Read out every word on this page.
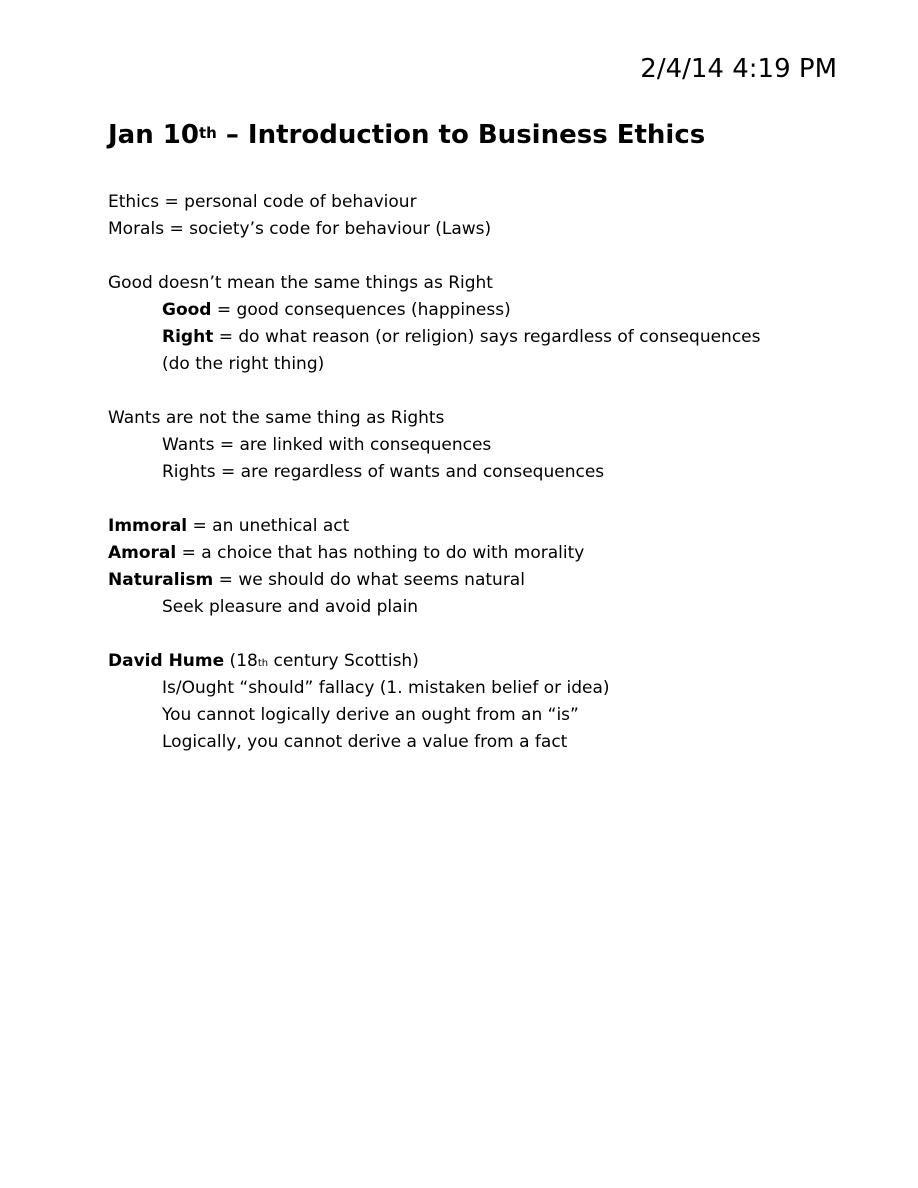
2/4/14 4:19 PM
Jan 10th – Introduction to Business Ethics
Ethics = personal code of behaviour
Morals = society’s code for behaviour (Laws)
Good doesn’t mean the same things as Right
Good = good consequences (happiness)
Right = do what reason (or religion) says regardless of consequences
(do the right thing)
Wants are not the same thing as Rights
Wants = are linked with consequences
Rights = are regardless of wants and consequences
Immoral = an unethical act
Amoral = a choice that has nothing to do with morality
Naturalism = we should do what seems natural
Seek pleasure and avoid plain
David Hume (18th century Scottish)
Is/Ought “should” fallacy (1. mistaken belief or idea)
You cannot logically derive an ought from an “is”
Logically, you cannot derive a value from a fact
